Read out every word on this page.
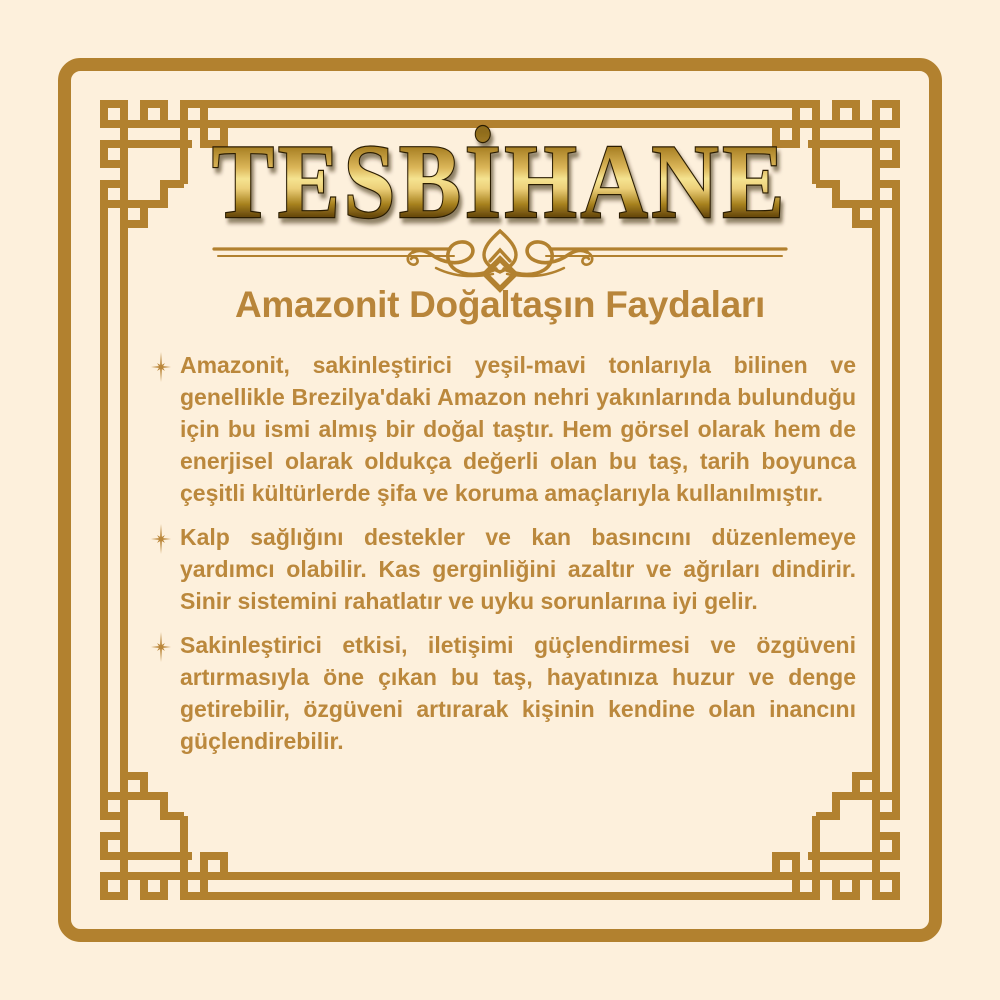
TESBİHANE
Amazonit Doğaltaşın Faydaları
Amazonit, sakinleştirici yeşil-mavi tonlarıyla bilinen ve genellikle Brezilya'daki Amazon nehri yakınlarında bulunduğu için bu ismi almış bir doğal taştır. Hem görsel olarak hem de enerjisel olarak oldukça değerli olan bu taş, tarih boyunca çeşitli kültürlerde şifa ve koruma amaçlarıyla kullanılmıştır.
Kalp sağlığını destekler ve kan basıncını düzenlemeye yardımcı olabilir. Kas gerginliğini azaltır ve ağrıları dindirir. Sinir sistemini rahatlatır ve uyku sorunlarına iyi gelir.
Sakinleştirici etkisi, iletişimi güçlendirmesi ve özgüveni artırmasıyla öne çıkan bu taş, hayatınıza huzur ve denge getirebilir, özgüveni artırarak kişinin kendine olan inancını güçlendirebilir.
